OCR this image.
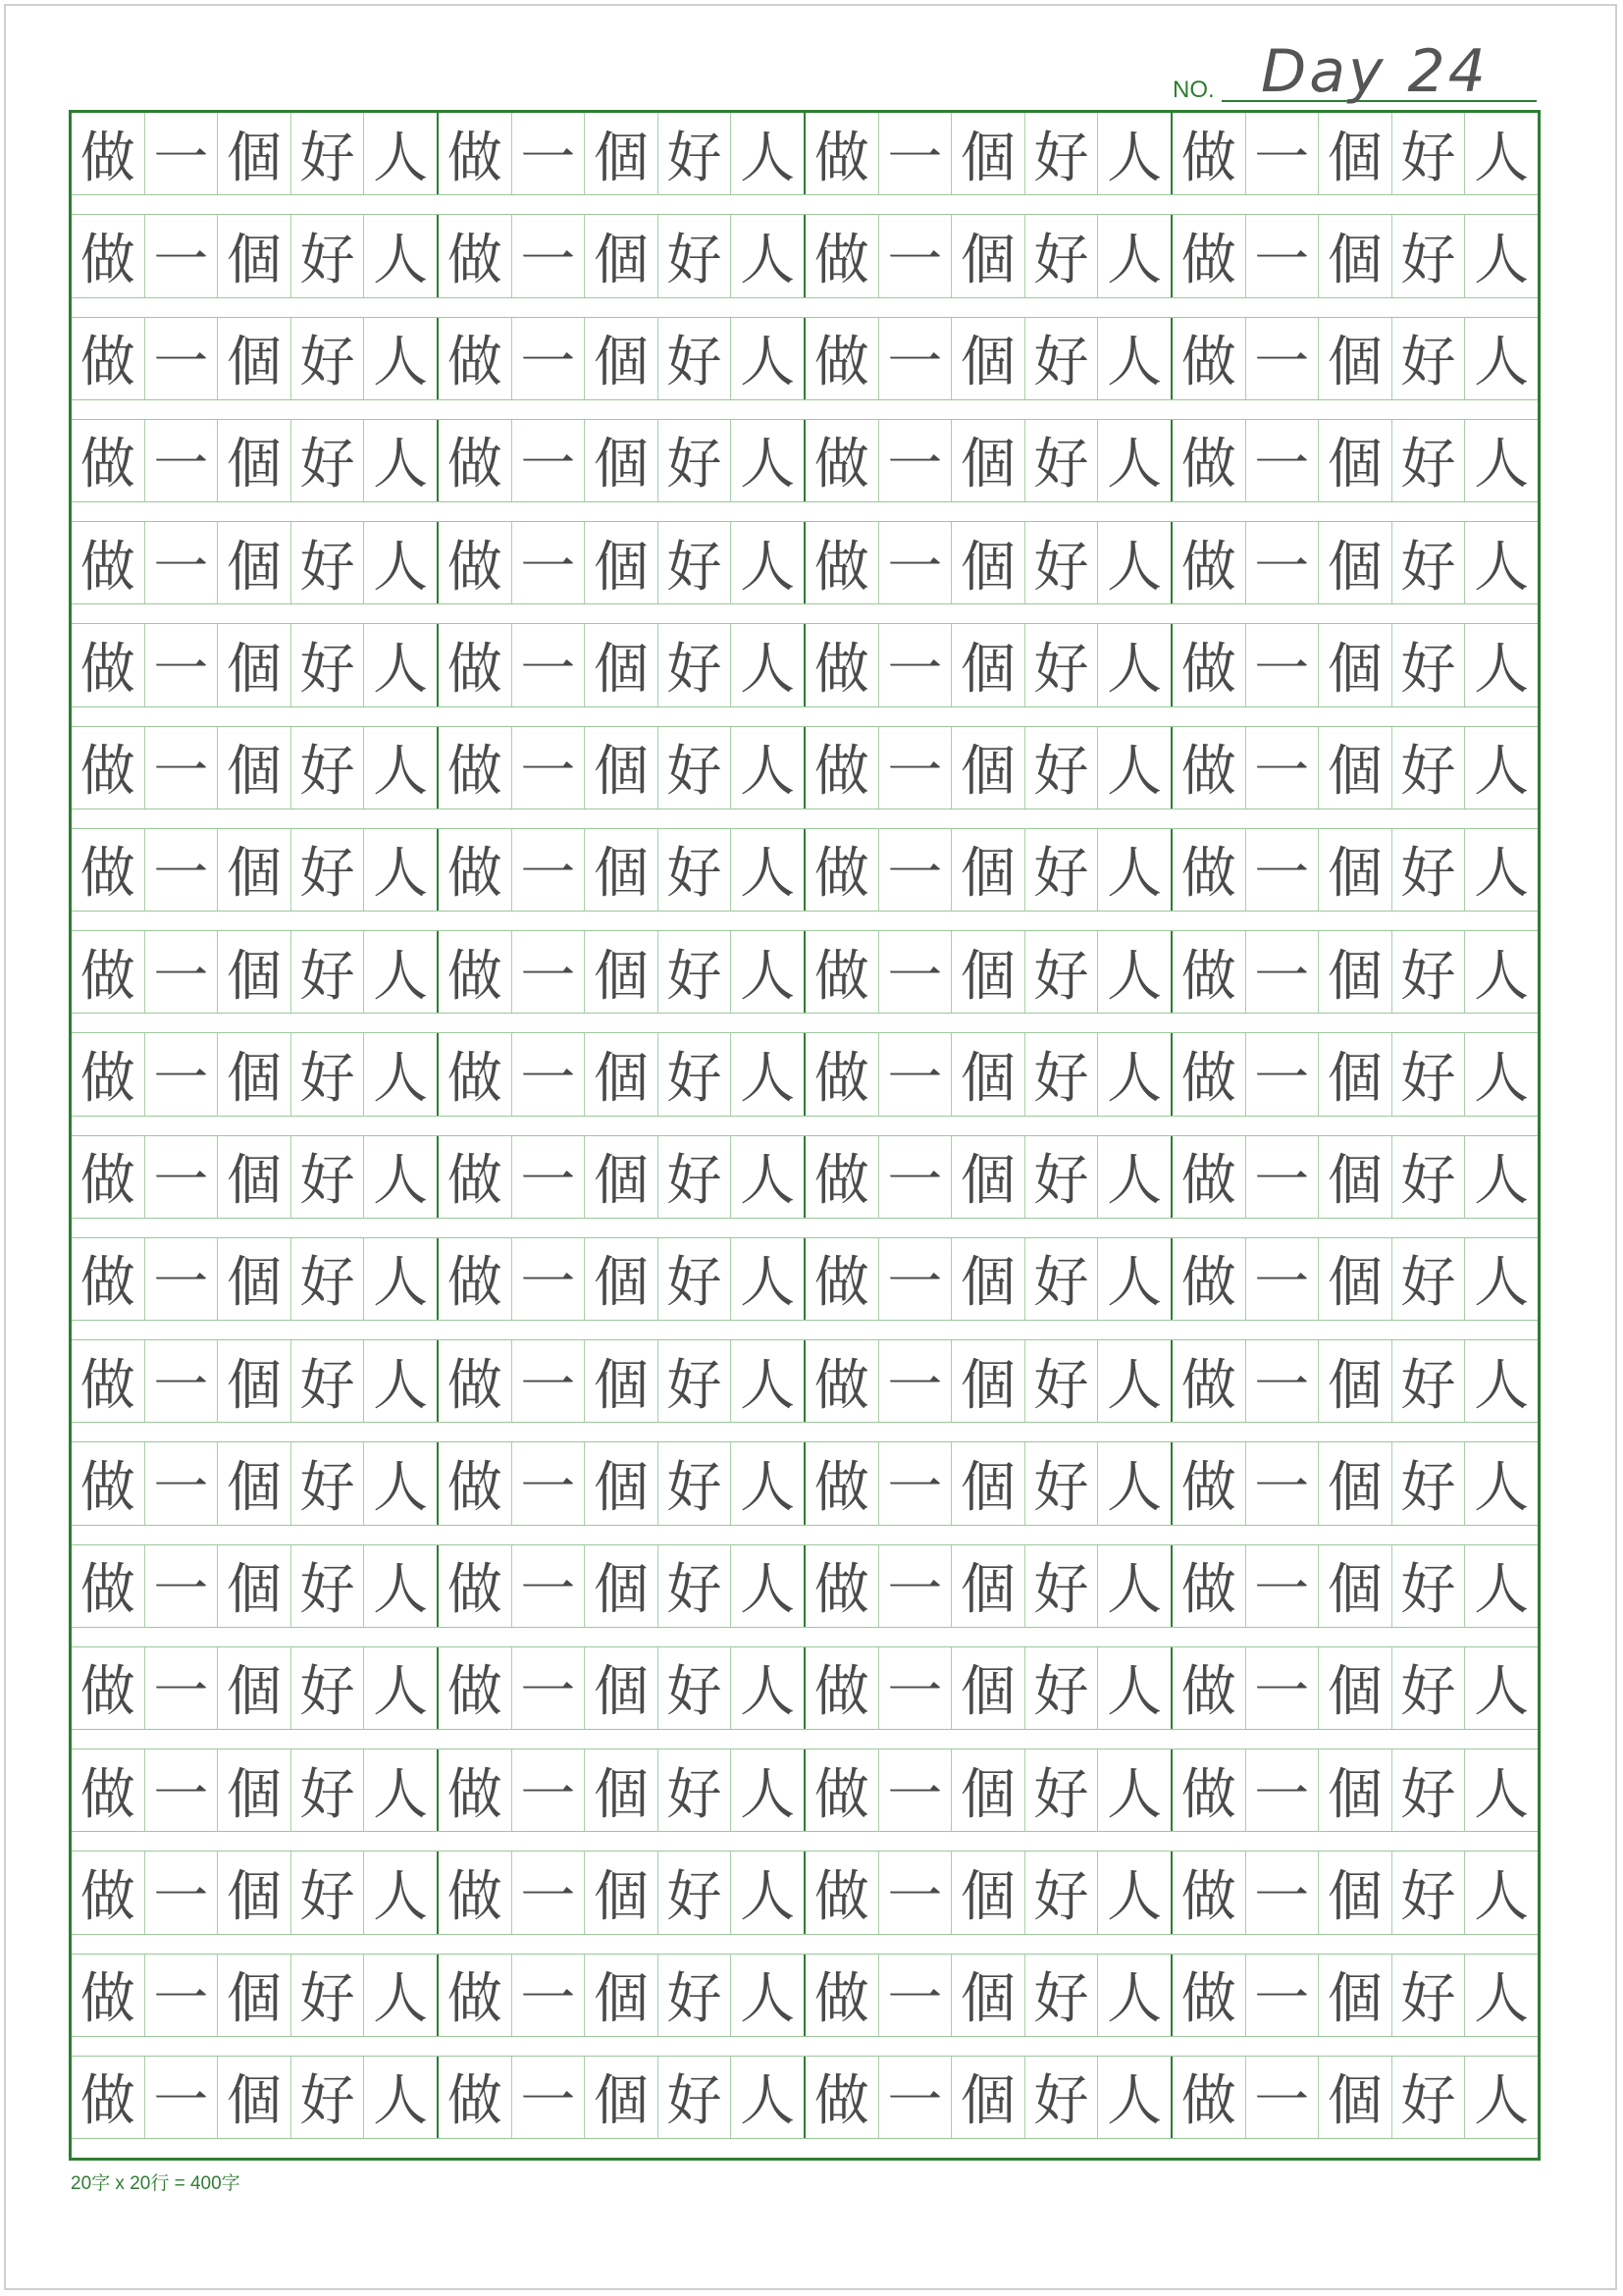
NO. Day 24
做 一 個 好 人 做 一 個 好 人 做 一 個 好 人 做 一 個 好 人
做 一 個 好 人 做 一 個 好 人 做 一 個 好 人 做 一 個 好 人
做 一 個 好 人 做 一 個 好 人 做 一 個 好 人 做 一 個 好 人
做 一 個 好 人 做 一 個 好 人 做 一 個 好 人 做 一 個 好 人
做 一 個 好 人 做 一 個 好 人 做 一 個 好 人 做 一 個 好 人
做 一 個 好 人 做 一 個 好 人 做 一 個 好 人 做 一 個 好 人
做 一 個 好 人 做 一 個 好 人 做 一 個 好 人 做 一 個 好 人
做 一 個 好 人 做 一 個 好 人 做 一 個 好 人 做 一 個 好 人
做 一 個 好 人 做 一 個 好 人 做 一 個 好 人 做 一 個 好 人
做 一 個 好 人 做 一 個 好 人 做 一 個 好 人 做 一 個 好 人
做 一 個 好 人 做 一 個 好 人 做 一 個 好 人 做 一 個 好 人
做 一 個 好 人 做 一 個 好 人 做 一 個 好 人 做 一 個 好 人
做 一 個 好 人 做 一 個 好 人 做 一 個 好 人 做 一 個 好 人
做 一 個 好 人 做 一 個 好 人 做 一 個 好 人 做 一 個 好 人
做 一 個 好 人 做 一 個 好 人 做 一 個 好 人 做 一 個 好 人
做 一 個 好 人 做 一 個 好 人 做 一 個 好 人 做 一 個 好 人
做 一 個 好 人 做 一 個 好 人 做 一 個 好 人 做 一 個 好 人
做 一 個 好 人 做 一 個 好 人 做 一 個 好 人 做 一 個 好 人
做 一 個 好 人 做 一 個 好 人 做 一 個 好 人 做 一 個 好 人
做 一 個 好 人 做 一 個 好 人 做 一 個 好 人 做 一 個 好 人
20字 x 20行 = 400字
